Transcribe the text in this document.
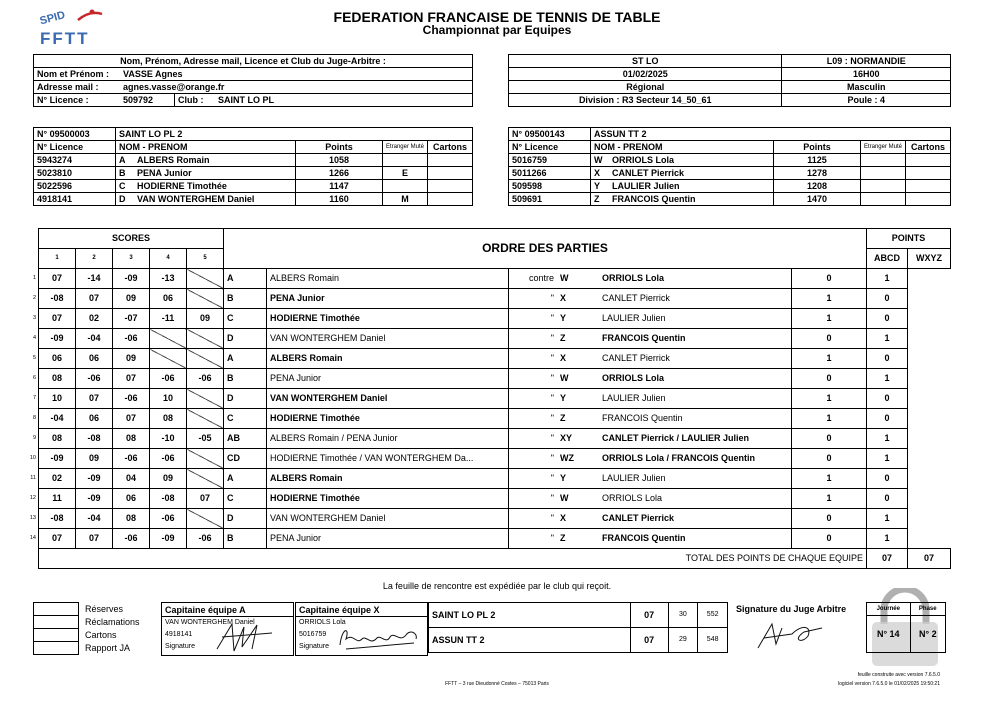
SPID
FFTT
FEDERATION FRANCAISE DE TENNIS DE TABLE
Championnat par Equipes
Nom, Prénom, Adresse mail, Licence et Club du Juge-Arbitre :			
Nom et Prénom :	VASSE Agnes		
Adresse mail :	agnes.vasse@orange.fr		
N° Licence :	509792	Club :	SAINT LO PL
ST LO	L09 : NORMANDIE
01/02/2025	16H00
Régional	Masculin
Division : R3 Secteur 14_50_61	Poule : 4
N° 09500003	SAINT LO PL 2				
N° Licence	NOM - PRENOM		Points	Etranger Muté	Cartons
5943274	A	ALBERS Romain	1058		
5023810	B	PENA Junior	1266	E	
5022596	C	HODIERNE Timothée	1147		
4918141	D	VAN WONTERGHEM Daniel	1160	M	
N° 09500143	ASSUN TT 2				
N° Licence	NOM - PRENOM		Points	Etranger Muté	Cartons
5016759	W	ORRIOLS Lola	1125		
5011266	X	CANLET Pierrick	1278		
509598	Y	LAULIER Julien	1208		
509691	Z	FRANCOIS Quentin	1470		
	SCORES					ORDRE DES PARTIES						POINTS	
	1	2	3	4	5							ABCD	WXYZ
1	07	-14	-09	-13		A	ALBERS Romain	contre	W	ORRIOLS Lola	0	1	
2	-08	07	09	06		B	PENA Junior	"	X	CANLET Pierrick	1	0	
3	07	02	-07	-11	09	C	HODIERNE Timothée	"	Y	LAULIER Julien	1	0	
4	-09	-04	-06			D	VAN WONTERGHEM Daniel	"	Z	FRANCOIS Quentin	0	1	
5	06	06	09			A	ALBERS Romain	"	X	CANLET Pierrick	1	0	
6	08	-06	07	-06	-06	B	PENA Junior	"	W	ORRIOLS Lola	0	1	
7	10	07	-06	10		D	VAN WONTERGHEM Daniel	"	Y	LAULIER Julien	1	0	
8	-04	06	07	08		C	HODIERNE Timothée	"	Z	FRANCOIS Quentin	1	0	
9	08	-08	08	-10	-05	AB	ALBERS Romain / PENA Junior	"	XY	CANLET Pierrick / LAULIER Julien	0	1	
10	-09	09	-06	-06		CD	HODIERNE Timothée / VAN WONTERGHEM Da...	"	WZ	ORRIOLS Lola / FRANCOIS Quentin	0	1	
11	02	-09	04	09		A	ALBERS Romain	"	Y	LAULIER Julien	1	0	
12	11	-09	06	-08	07	C	HODIERNE Timothée	"	W	ORRIOLS Lola	1	0	
13	-08	-04	08	-06		D	VAN WONTERGHEM Daniel	"	X	CANLET Pierrick	0	1	
14	07	07	-06	-09	-06	B	PENA Junior	"	Z	FRANCOIS Quentin	0	1	
	TOTAL DES POINTS DE CHAQUE EQUIPE											07	07
La feuille de rencontre est expédiée par le club qui reçoit.
	Réserves
	Réclamations
	Cartons
	Rapport JA
Capitaine équipe A

VAN WONTERGHEM Daniel
4918141
Signature
Capitaine équipe X

ORRIOLS Lola
5016759
Signature
SAINT LO PL 2	07	30	552
ASSUN TT 2	07	29	548
Signature du Juge Arbitre	Journée	Phase
N° 14	N° 2
FFTT – 3 rue Dieudonné Costes – 75013 Paris
feuille construite avec version 7.6.5.0
logiciel version 7.6.5.0 le 01/02/2025 19:50:21
